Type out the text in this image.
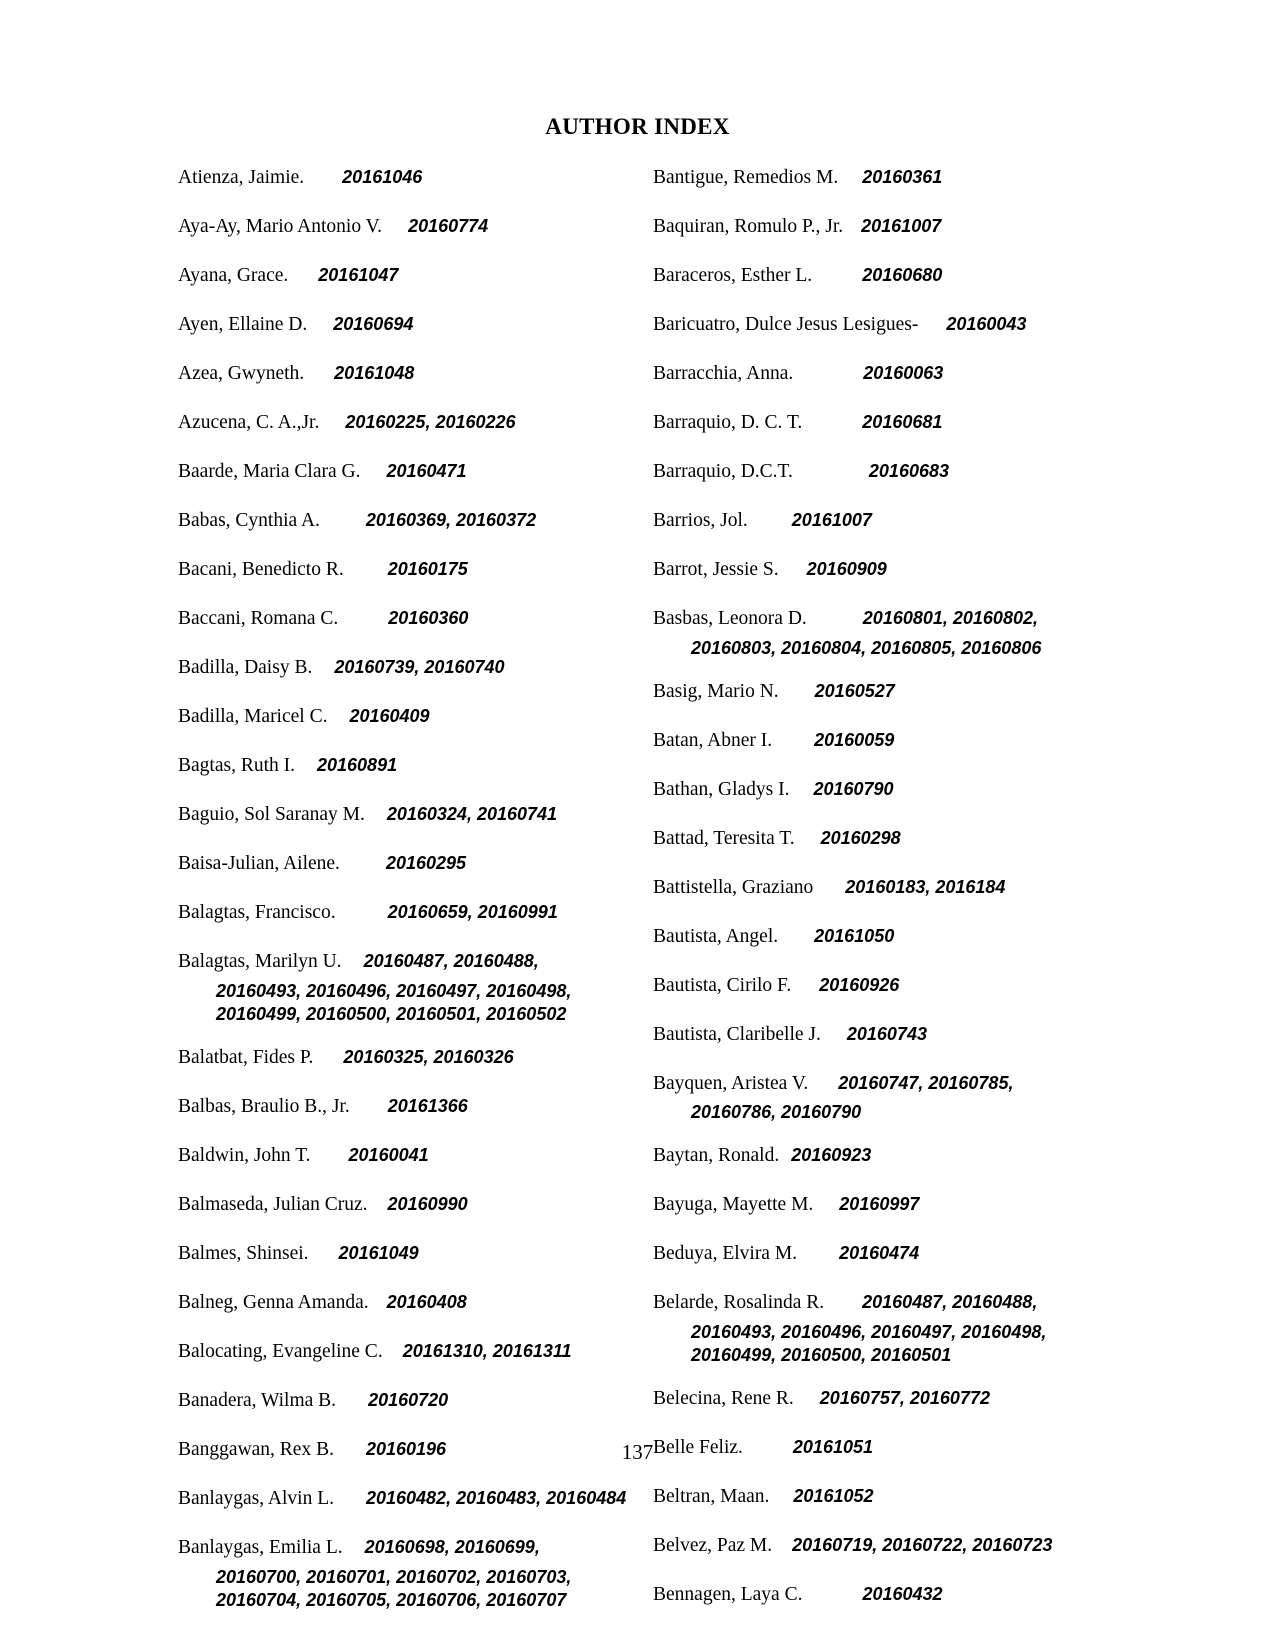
AUTHOR INDEX
Atienza, Jaimie. 20161046
Aya-Ay, Mario Antonio V. 20160774
Ayana, Grace. 20161047
Ayen, Ellaine D. 20160694
Azea, Gwyneth. 20161048
Azucena, C. A.,Jr. 20160225, 20160226
Baarde, Maria Clara G. 20160471
Babas, Cynthia A.	20160369, 20160372
Bacani, Benedicto R. 20160175
Baccani, Romana C.	20160360
Badilla, Daisy B. 20160739, 20160740
Badilla, Maricel C. 20160409
Bagtas, Ruth I. 20160891
Baguio, Sol Saranay M. 20160324, 20160741
Baisa-Julian, Ailene.	20160295
Balagtas, Francisco.	20160659, 20160991
Balagtas, Marilyn U. 20160487, 20160488,
20160493, 20160496, 20160497, 20160498,
20160499, 20160500, 20160501, 20160502
Balatbat, Fides P. 20160325, 20160326
Balbas, Braulio B., Jr. 20161366
Baldwin, John T. 20160041
Balmaseda, Julian Cruz. 20160990
Balmes, Shinsei. 20161049
Balneg, Genna Amanda. 20160408
Balocating, Evangeline C. 20161310, 20161311
Banadera, Wilma B. 20160720
Banggawan, Rex B. 20160196
Banlaygas, Alvin L. 20160482, 20160483, 20160484
Banlaygas, Emilia L. 20160698, 20160699,
20160700, 20160701, 20160702, 20160703,
20160704, 20160705, 20160706, 20160707
Bantigue, Remedios M. 20160361
Baquiran, Romulo P., Jr. 20161007
Baraceros, Esther L.	20160680
Baricuatro, Dulce Jesus Lesigues- 20160043
Barracchia, Anna.	20160063
Barraquio, D. C. T.	20160681
Barraquio, D.C.T.	20160683
Barrios, Jol. 20161007
Barrot, Jessie S. 20160909
Basbas, Leonora D.	20160801, 20160802,
20160803, 20160804, 20160805, 20160806
Basig, Mario N. 20160527
Batan, Abner I. 20160059
Bathan, Gladys I. 20160790
Battad, Teresita T. 20160298
Battistella, Graziano 20160183, 2016184
Bautista, Angel. 20161050
Bautista, Cirilo F. 20160926
Bautista, Claribelle J. 20160743
Bayquen, Aristea V. 20160747, 20160785,
20160786, 20160790
Baytan, Ronald. 20160923
Bayuga, Mayette M. 20160997
Beduya, Elvira M. 20160474
Belarde, Rosalinda R. 20160487, 20160488,
20160493, 20160496, 20160497, 20160498,
20160499, 20160500, 20160501
Belecina, Rene R. 20160757, 20160772
Belle Feliz.	20161051
Beltran, Maan. 20161052
Belvez, Paz M. 20160719, 20160722, 20160723
Bennagen, Laya C.	20160432
137
